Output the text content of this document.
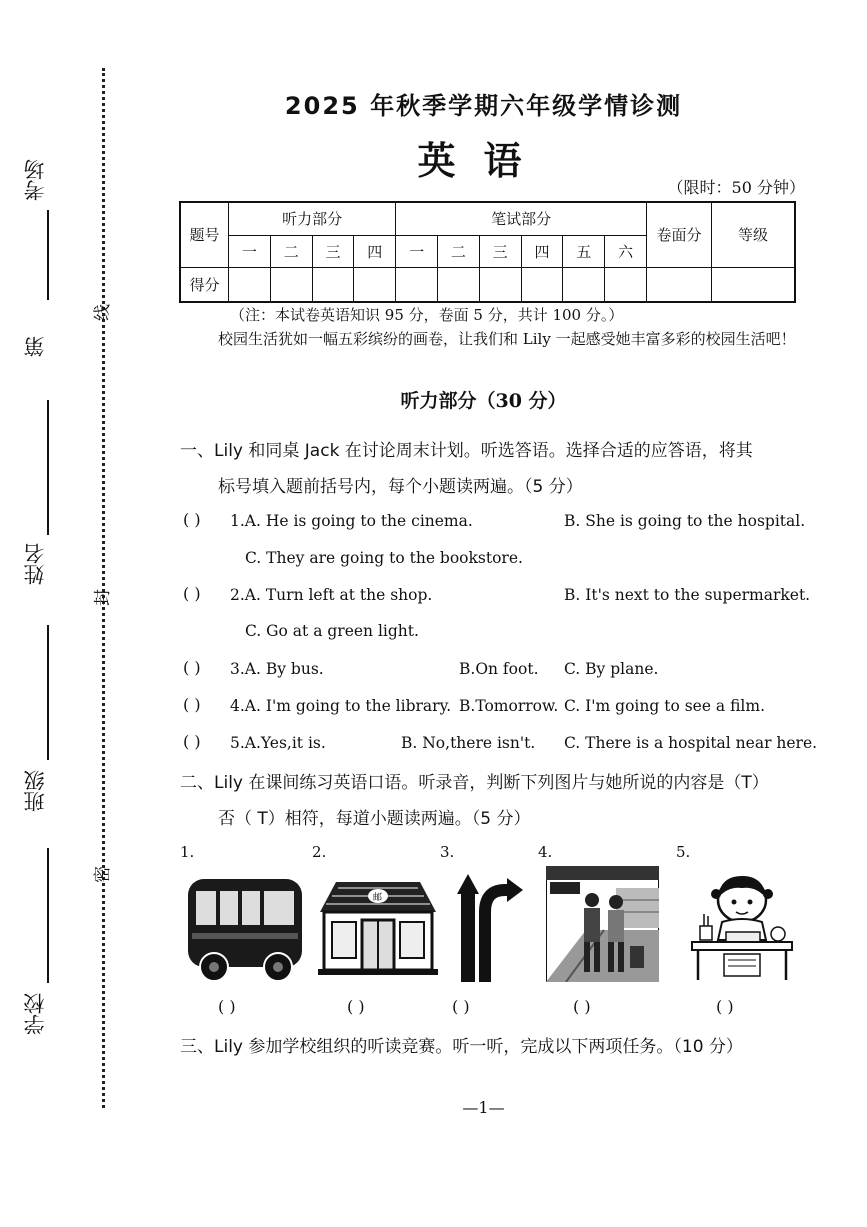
考场
第
姓名
班级
学校
线
封
密
2025 年秋季学期六年级学情诊测
英语
（限时：50 分钟）
题号	听力部分				笔试部分						卷面分	等级
	一	二	三	四	一	二	三	四	五	六		
得分												
（注：本试卷英语知识 95 分，卷面 5 分，共计 100 分。）
校园生活犹如一幅五彩缤纷的画卷，让我们和 Lily 一起感受她丰富多彩的校园生活吧！
听力部分（30 分）
一、Lily 和同桌 Jack 在讨论周末计划。听选答语。选择合适的应答语，将其
标号填入题前括号内，每个小题读两遍。（5 分）
( ) 1.A. He is going to the cinema.	B. She is going to the hospital.
C. They are going to the bookstore.
( ) 2.A. Turn left at the shop.	B. It's next to the supermarket.
C. Go at a green light.
( ) 3.A. By bus.	B.On foot. C. By plane.
( ) 4.A. I'm going to the library. B.Tomorrow. C. I'm going to see a film.
( ) 5.A.Yes,it is.	B. No,there isn't. C. There is a hospital near here.
二、Lily 在课间练习英语口语。听录音，判断下列图片与她所说的内容是（T）
否（ T）相符，每道小题读两遍。（5 分）
1.	2.	3.	4.	5.
邮
( )	( )	( )	( )	( )
三、Lily 参加学校组织的听读竞赛。听一听，完成以下两项任务。（10 分）
—1—
